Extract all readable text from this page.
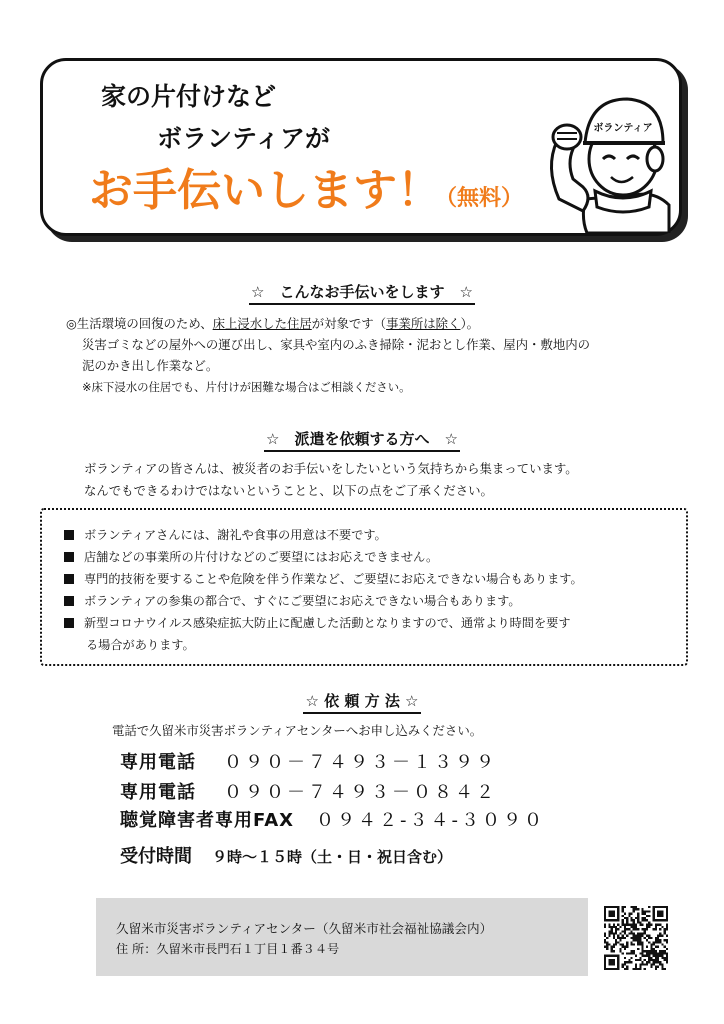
家の片付けなど
ボランティアが
お手伝いします！
（無料）
ボランティア
☆　こんなお手伝いをします　☆
◎生活環境の回復のため、床上浸水した住居が対象です（事業所は除く）。
災害ゴミなどの屋外への運び出し、家具や室内のふき掃除・泥おとし作業、屋内・敷地内の
泥のかき出し作業など。
※床下浸水の住居でも、片付けが困難な場合はご相談ください。
☆　派遣を依頼する方へ　☆
ボランティアの皆さんは、被災者のお手伝いをしたいという気持ちから集まっています。
なんでもできるわけではないということと、以下の点をご了承ください。
ボランティアさんには、謝礼や食事の用意は不要です。
店舗などの事業所の片付けなどのご要望にはお応えできません。
専門的技術を要することや危険を伴う作業など、ご要望にお応えできない場合もあります。
ボランティアの参集の都合で、すぐにご要望にお応えできない場合もあります。
新型コロナウイルス感染症拡大防止に配慮した活動となりますので、通常より時間を要す
る場合があります。
☆ 依 頼 方 法 ☆
電話で久留米市災害ボランティアセンターへお申し込みください。
専用電話 ０９０－７４９３－１３９９
専用電話 ０９０－７４９３－０８４２
聴覚障害者専用FAX ０９４２-３４-３０９０
受付時間 ９時～１５時（土・日・祝日含む）
久留米市災害ボランティアセンター（久留米市社会福祉協議会内）
住 所：久留米市長門石１丁目１番３４号
